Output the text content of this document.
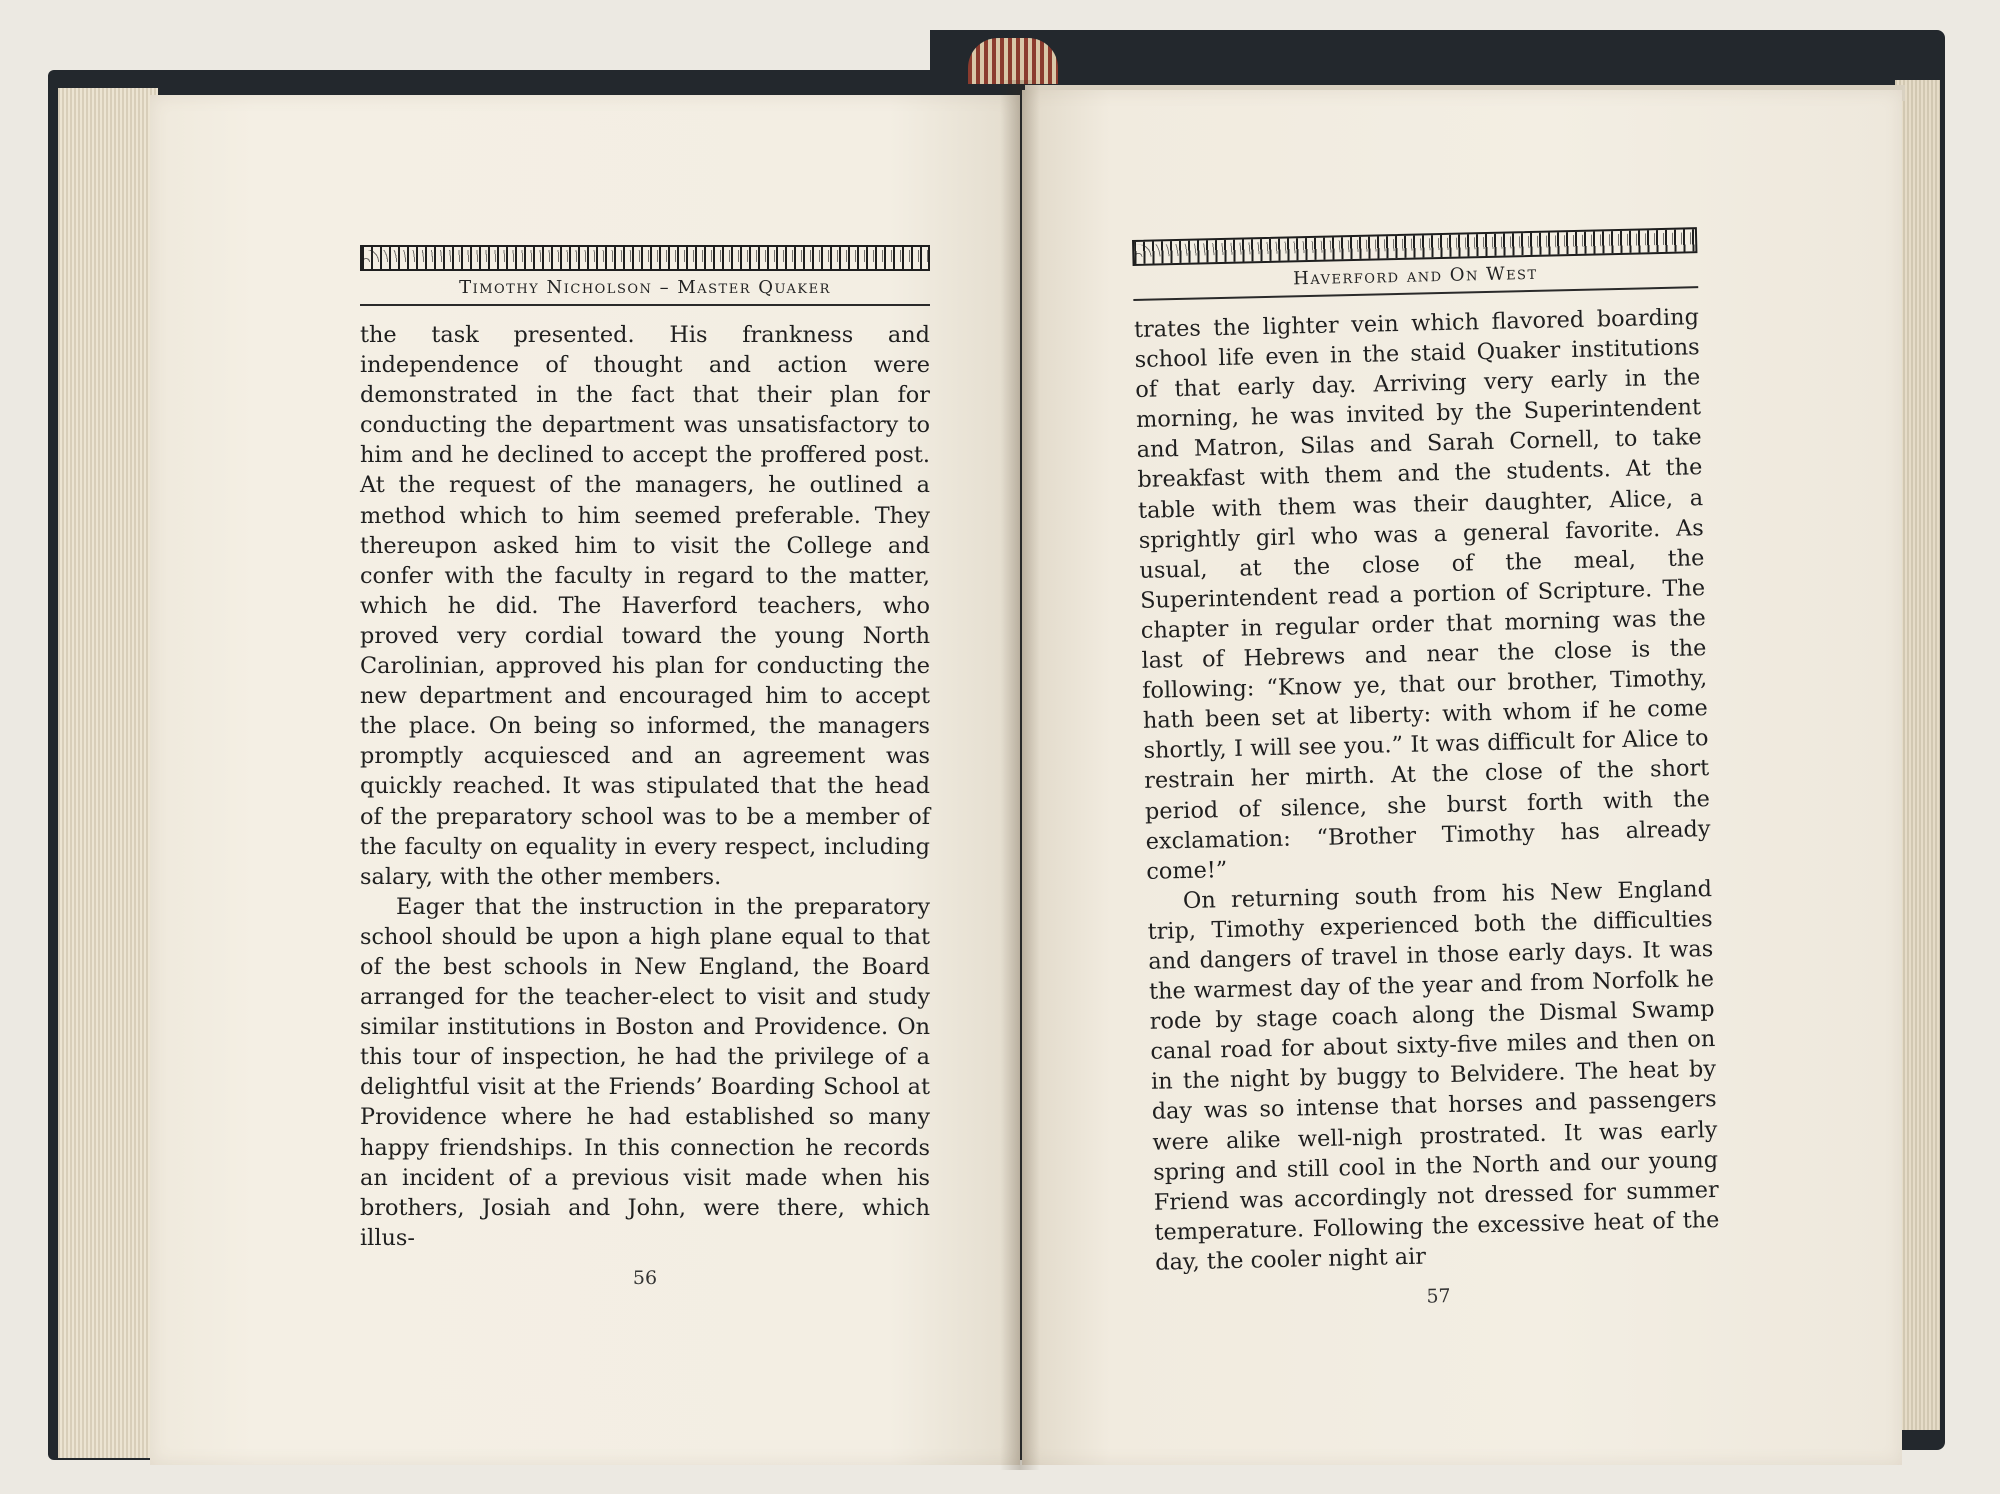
Timothy Nicholson – Master Quaker

the task presented. His frankness and independence of thought and action were demonstrated in the fact that their plan for conducting the department was unsatisfactory to him and he declined to accept the proffered post. At the request of the managers, he outlined a method which to him seemed preferable. They thereupon asked him to visit the College and confer with the faculty in regard to the matter, which he did. The Haverford teachers, who proved very cordial toward the young North Carolinian, approved his plan for conducting the new department and encouraged him to accept the place. On being so informed, the managers promptly acquiesced and an agreement was quickly reached. It was stipulated that the head of the preparatory school was to be a member of the faculty on equality in every respect, including salary, with the other members.

Eager that the instruction in the preparatory school should be upon a high plane equal to that of the best schools in New England, the Board arranged for the teacher-elect to visit and study similar institutions in Boston and Providence. On this tour of inspection, he had the privilege of a delightful visit at the Friends’ Boarding School at Providence where he had established so many happy friendships. In this connection he records an incident of a previous visit made when his brothers, Josiah and John, were there, which illus-

56
Haverford and On West

trates the lighter vein which flavored boarding school life even in the staid Quaker institutions of that early day. Arriving very early in the morning, he was invited by the Superintendent and Matron, Silas and Sarah Cornell, to take breakfast with them and the students. At the table with them was their daughter, Alice, a sprightly girl who was a general favorite. As usual, at the close of the meal, the Superintendent read a portion of Scripture. The chapter in regular order that morning was the last of Hebrews and near the close is the following: “Know ye, that our brother, Timothy, hath been set at liberty: with whom if he come shortly, I will see you.” It was difficult for Alice to restrain her mirth. At the close of the short period of silence, she burst forth with the exclamation: “Brother Timothy has already come!”

On returning south from his New England trip, Timothy experienced both the difficulties and dangers of travel in those early days. It was the warmest day of the year and from Norfolk he rode by stage coach along the Dismal Swamp canal road for about sixty-five miles and then on in the night by buggy to Belvidere. The heat by day was so intense that horses and passengers were alike well-nigh prostrated. It was early spring and still cool in the North and our young Friend was accordingly not dressed for summer temperature. Following the excessive heat of the day, the cooler night air

57
